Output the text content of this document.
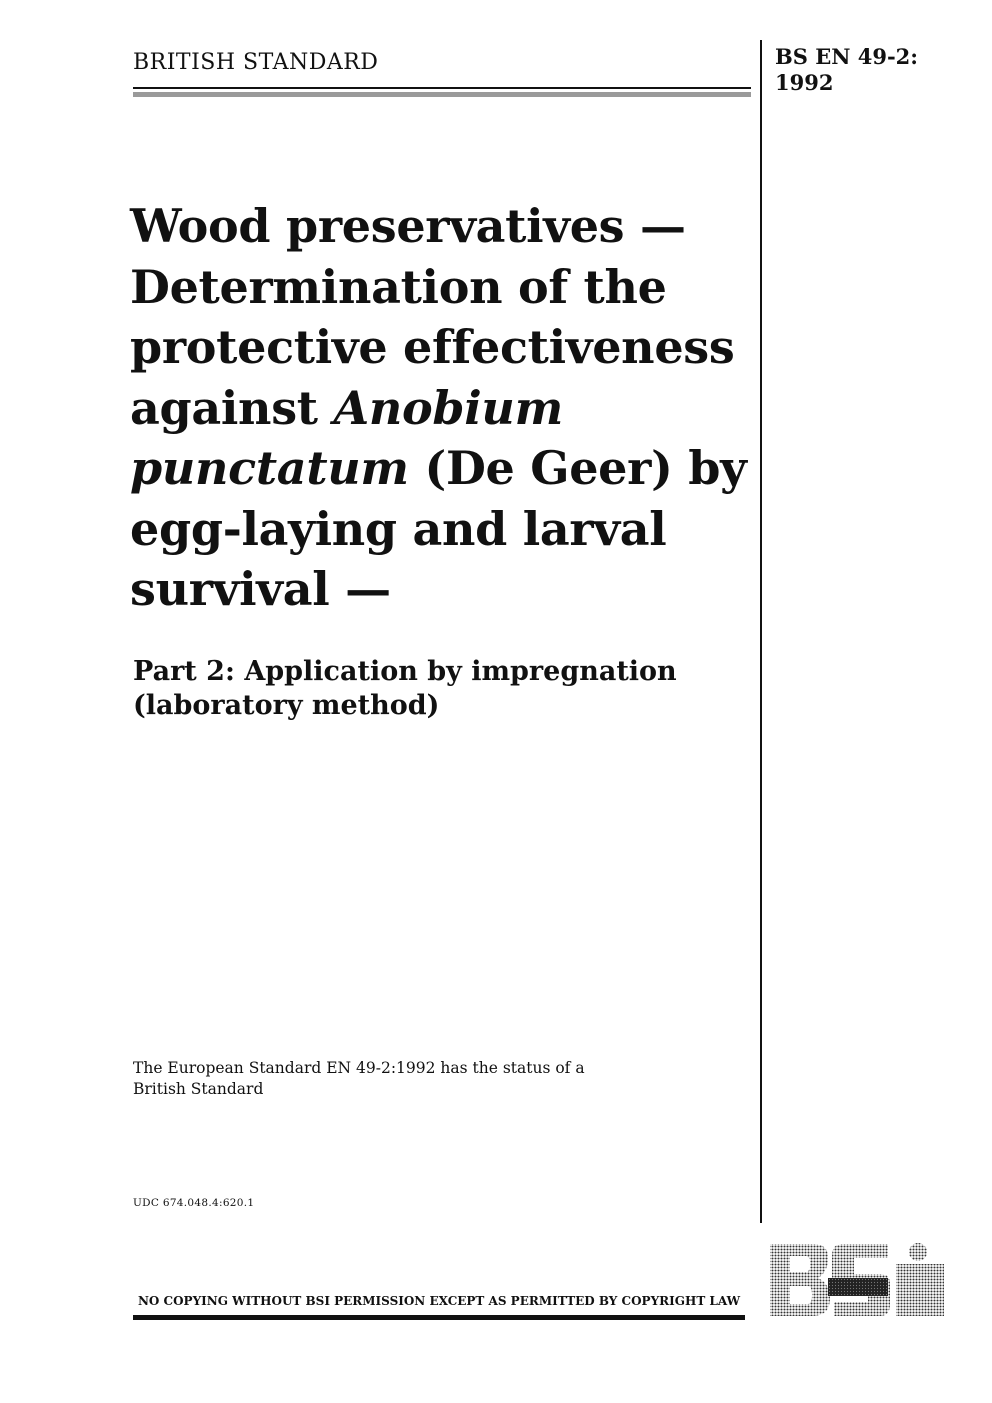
BRITISH STANDARD	BS EN 49-2:
1992
Wood preservatives —
Determination of the
protective effectiveness
against Anobium
punctatum (De Geer) by
egg-laying and larval
survival —
Part 2: Application by impregnation
(laboratory method)
The European Standard EN 49-2:1992 has the status of a
British Standard
UDC 674.048.4:620.1
NO COPYING WITHOUT BSI PERMISSION EXCEPT AS PERMITTED BY COPYRIGHT LAW
